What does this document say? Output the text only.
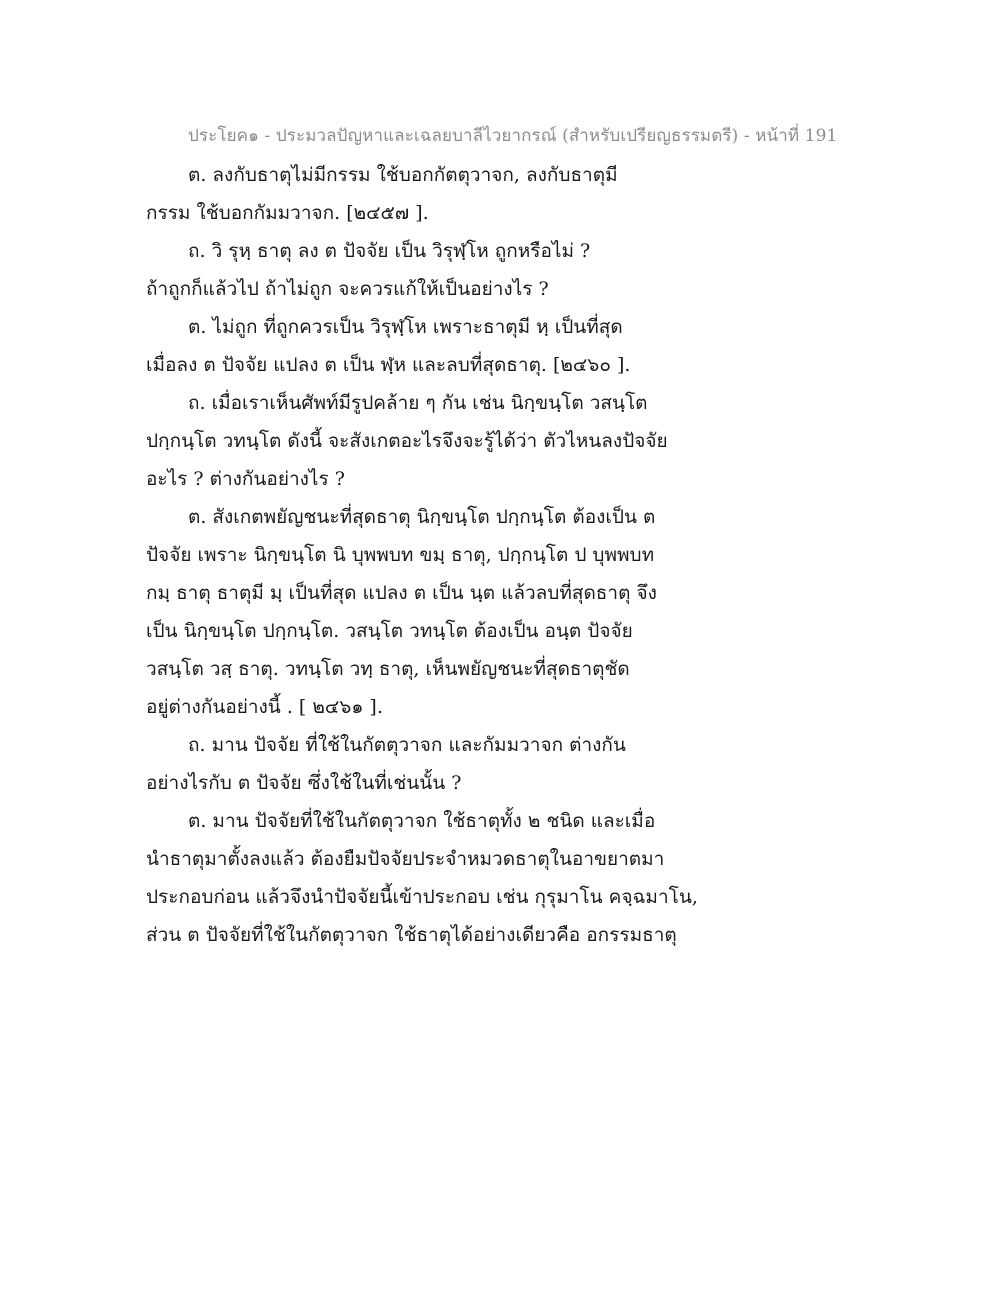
ประโยค๑ - ประมวลปัญหาและเฉลยบาลีไวยากรณ์ (สำหรับเปรียญธรรมตรี) - หน้าที่ 191
ต. ลงกับธาตุไม่มีกรรม ใช้บอกกัตตุวาจก, ลงกับธาตุมี
กรรม ใช้บอกกัมมวาจก. [๒๔๕๗ ].
ถ. วิ รุหฺ ธาตุ ลง ต ปัจจัย เป็น วิรุฬฺโห ถูกหรือไม่ ?
ถ้าถูกก็แล้วไป ถ้าไม่ถูก จะควรแก้ให้เป็นอย่างไร ?
ต. ไม่ถูก ที่ถูกควรเป็น วิรุฬฺโห เพราะธาตุมี หฺ เป็นที่สุด
เมื่อลง ต ปัจจัย แปลง ต เป็น ฬฺห และลบที่สุดธาตุ. [๒๔๖๐ ].
ถ. เมื่อเราเห็นศัพท์มีรูปคล้าย ๆ กัน เช่น นิกฺขนฺโต วสนฺโต
ปกฺกนฺโต วทนฺโต ดังนี้ จะสังเกตอะไรจึงจะรู้ได้ว่า ตัวไหนลงปัจจัย
อะไร ? ต่างกันอย่างไร ?
ต. สังเกตพยัญชนะที่สุดธาตุ นิกฺขนฺโต ปกฺกนฺโต ต้องเป็น ต
ปัจจัย เพราะ นิกฺขนฺโต นิ บุพพบท ขมฺ ธาตุ, ปกฺกนฺโต ป บุพพบท
กมฺ ธาตุ ธาตุมี มฺ เป็นที่สุด แปลง ต เป็น นฺต แล้วลบที่สุดธาตุ จึง
เป็น นิกฺขนฺโต ปกฺกนฺโต. วสนฺโต วทนฺโต ต้องเป็น อนฺต ปัจจัย
วสนฺโต วสฺ ธาตุ. วทนฺโต วทฺ ธาตุ, เห็นพยัญชนะที่สุดธาตุชัด
อยู่ต่างกันอย่างนี้ . [ ๒๔๖๑ ].
ถ. มาน ปัจจัย ที่ใช้ในกัตตุวาจก และกัมมวาจก ต่างกัน
อย่างไรกับ ต ปัจจัย ซึ่งใช้ในที่เช่นนั้น ?
ต. มาน ปัจจัยที่ใช้ในกัตตุวาจก ใช้ธาตุทั้ง ๒ ชนิด และเมื่อ
นำธาตุมาตั้งลงแล้ว ต้องยืมปัจจัยประจำหมวดธาตุในอาขยาตมา
ประกอบก่อน แล้วจึงนำปัจจัยนี้เข้าประกอบ เช่น กุรุมาโน คจฺฉมาโน,
ส่วน ต ปัจจัยที่ใช้ในกัตตุวาจก ใช้ธาตุได้อย่างเดียวคือ อกรรมธาตุ
